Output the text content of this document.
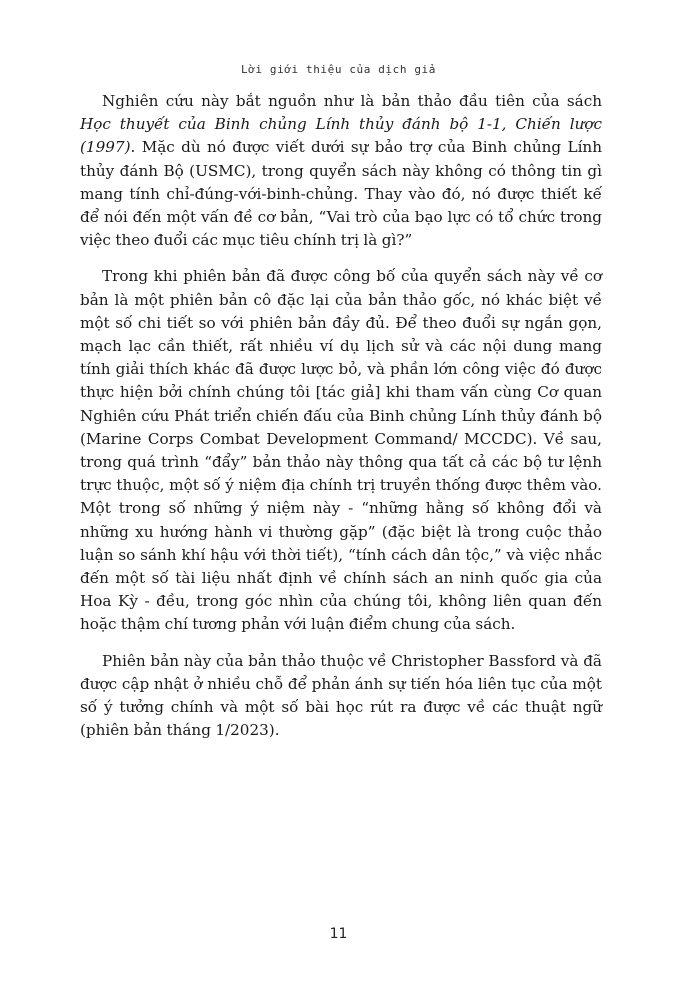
Lời giới thiệu của dịch giả

Nghiên cứu này bắt nguồn như là bản thảo đầu tiên của sách Học thuyết của Binh chủng Lính thủy đánh bộ 1-1, Chiến lược (1997). Mặc dù nó được viết dưới sự bảo trợ của Binh chủng Lính thủy đánh Bộ (USMC), trong quyển sách này không có thông tin gì mang tính chỉ-đúng-với-binh-chủng. Thay vào đó, nó được thiết kế để nói đến một vấn đề cơ bản, “Vai trò của bạo lực có tổ chức trong việc theo đuổi các mục tiêu chính trị là gì?”

Trong khi phiên bản đã được công bố của quyển sách này về cơ bản là một phiên bản cô đặc lại của bản thảo gốc, nó khác biệt về một số chi tiết so với phiên bản đầy đủ. Để theo đuổi sự ngắn gọn, mạch lạc cần thiết, rất nhiều ví dụ lịch sử và các nội dung mang tính giải thích khác đã được lược bỏ, và phần lớn công việc đó được thực hiện bởi chính chúng tôi [tác giả] khi tham vấn cùng Cơ quan Nghiên cứu Phát triển chiến đấu của Binh chủng Lính thủy đánh bộ (Marine Corps Combat Development Command/ MCCDC). Về sau, trong quá trình “đẩy” bản thảo này thông qua tất cả các bộ tư lệnh trực thuộc, một số ý niệm địa chính trị truyền thống được thêm vào. Một trong số những ý niệm này - “những hằng số không đổi và những xu hướng hành vi thường gặp” (đặc biệt là trong cuộc thảo luận so sánh khí hậu với thời tiết), “tính cách dân tộc,” và việc nhắc đến một số tài liệu nhất định về chính sách an ninh quốc gia của Hoa Kỳ - đều, trong góc nhìn của chúng tôi, không liên quan đến hoặc thậm chí tương phản với luận điểm chung của sách.

Phiên bản này của bản thảo thuộc về Christopher Bassford và đã được cập nhật ở nhiều chỗ để phản ánh sự tiến hóa liên tục của một số ý tưởng chính và một số bài học rút ra được về các thuật ngữ (phiên bản tháng 1/2023).

11
